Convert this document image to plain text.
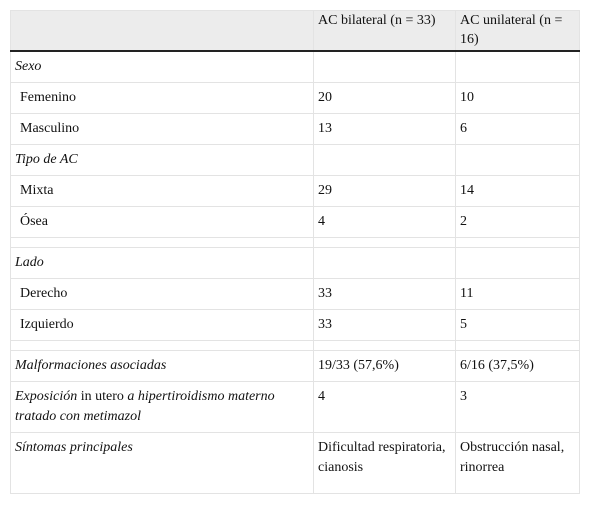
	AC bilateral (n = 33)	AC unilateral (n = 16)
Sexo		
Femenino	20	10
Masculino	13	6
Tipo de AC		
Mixta	29	14
Ósea	4	2

Lado		
Derecho	33	11
Izquierdo	33	5

Malformaciones asociadas	19/33 (57,6%)	6/16 (37,5%)
Exposición in utero a hipertiroidismo materno tratado con metimazol	4	3
Síntomas principales	Dificultad respiratoria, cianosis	Obstrucción nasal, rinorrea
